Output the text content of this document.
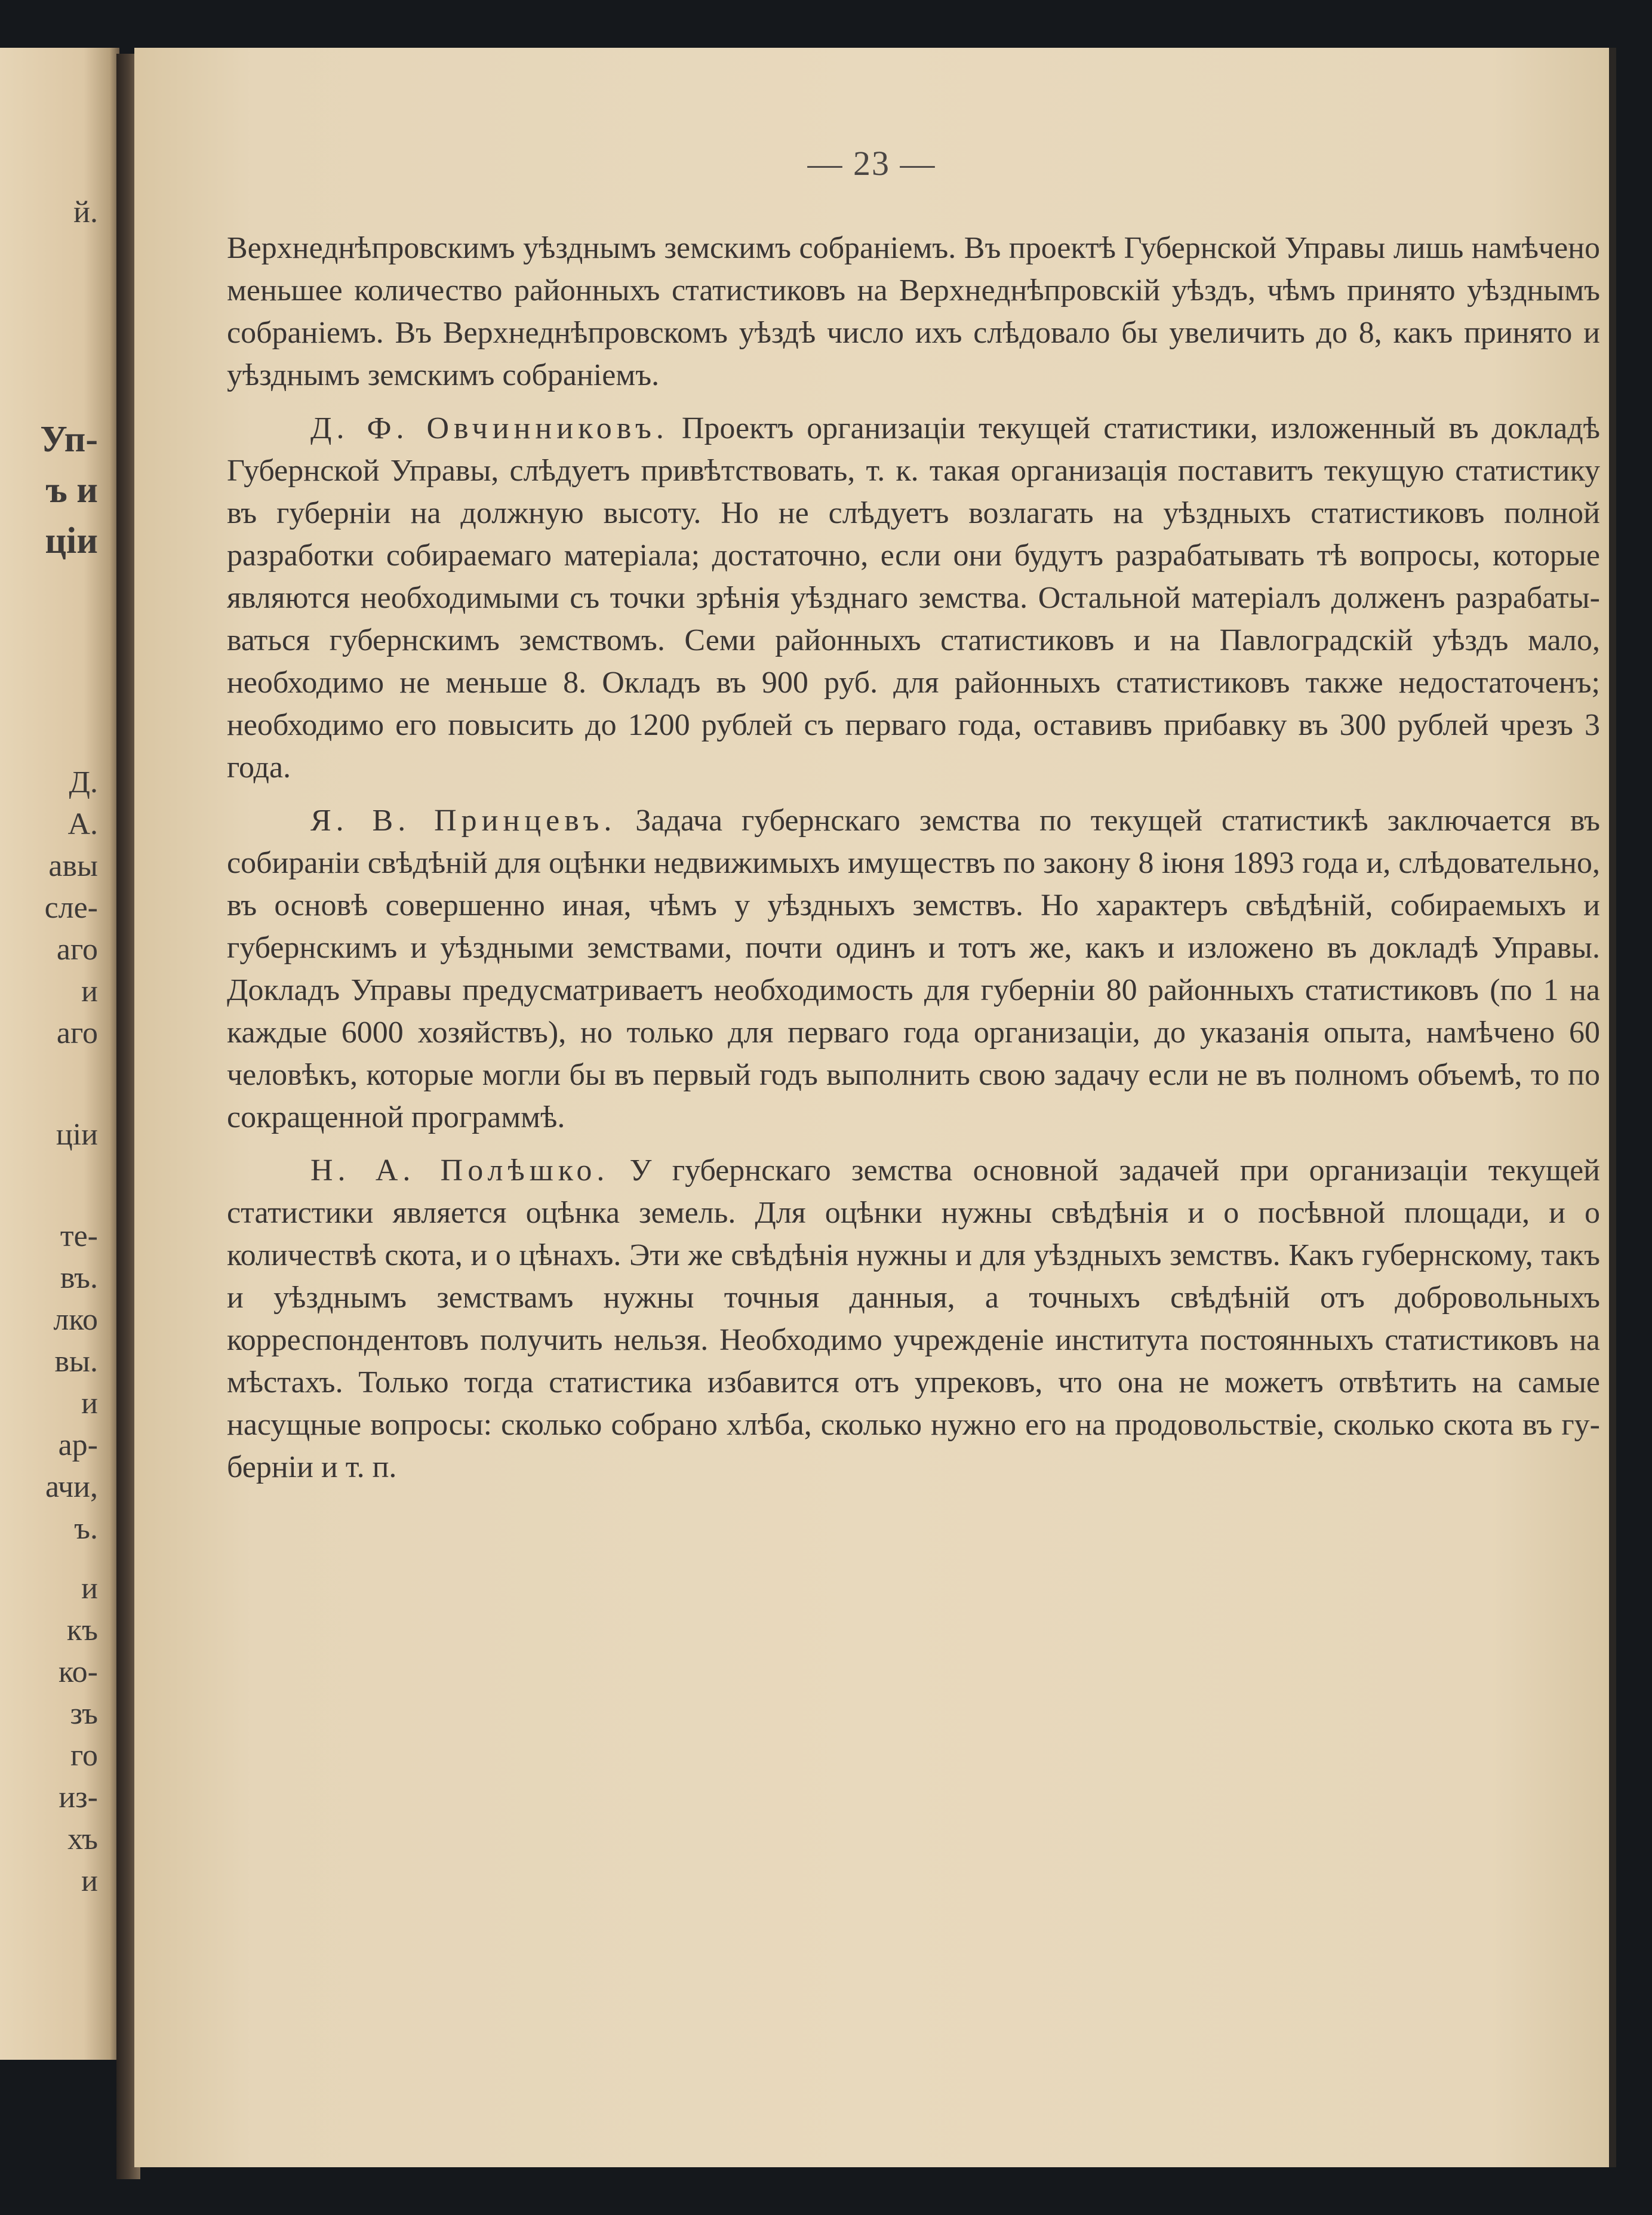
й.
Уп-
ъ и
ціи
Д.
А.
авы
сле-
аго
и
аго
ціи
те-
въ.
лко
вы.
и
ар-
ачи,
ъ.
и
къ
ко-
зъ
го
из-
хъ
и
— 23 —

Верхнеднѣпровскимъ уѣзднымъ земскимъ собраніемъ. Въ проектѣ Губернской Управы лишь намѣчено меньшее количество районныхъ статистиковъ на Верхнеднѣпровскій уѣздъ, чѣмъ принято уѣзднымъ собраніемъ. Въ Верхнеднѣпровскомъ уѣздѣ число ихъ слѣдовало бы увеличить до 8, какъ принято и уѣзднымъ земскимъ собраніемъ.

Д. Ф. Овчинниковъ. Проектъ организаціи текущей статистики, изложенный въ докладѣ Губернской Управы, слѣдуетъ привѣтствовать, т. к. такая организація поставитъ текущую статистику въ губерніи на должную высоту. Но не слѣдуетъ возлагать на уѣздныхъ статистиковъ полной разработки собираемаго матеріала; достаточно, если они будутъ разрабатывать тѣ вопросы, которые являются необходимыми съ точки зрѣнія уѣзднаго земства. Остальной матеріалъ долженъ разрабатываться губернскимъ земствомъ. Семи районныхъ статистиковъ и на Павлоградскій уѣздъ мало, необходимо не меньше 8. Окладъ въ 900 руб. для районныхъ статистиковъ также недостаточенъ; необходимо его повысить до 1200 рублей съ перваго года, оставивъ прибавку въ 300 рублей чрезъ 3 года.

Я. В. Принцевъ. Задача губернскаго земства по текущей статистикѣ заключается въ собираніи свѣдѣній для оцѣнки недвижимыхъ имуществъ по закону 8 іюня 1893 года и, слѣдовательно, въ основѣ совершенно иная, чѣмъ у уѣздныхъ земствъ. Но характеръ свѣдѣній, собираемыхъ и губернскимъ и уѣздными земствами, почти одинъ и тотъ же, какъ и изложено въ докладѣ Управы. Докладъ Управы предусматриваетъ необходимость для губерніи 80 районныхъ статистиковъ (по 1 на каждые 6000 хозяйствъ), но только для перваго года организаціи, до указанія опыта, намѣчено 60 человѣкъ, которые могли бы въ первый годъ выполнить свою задачу если не въ полномъ объемѣ, то по сокращенной программѣ.

Н. А. Полѣшко. У губернскаго земства основной задачей при организаціи текущей статистики является оцѣнка земель. Для оцѣнки нужны свѣдѣнія и о посѣвной площади, и о количествѣ скота, и о цѣнахъ. Эти же свѣдѣнія нужны и для уѣздныхъ земствъ. Какъ губернскому, такъ и уѣзднымъ земствамъ нужны точныя данныя, а точныхъ свѣдѣній отъ добровольныхъ корреспондентовъ получить нельзя. Необходимо учрежденіе института постоянныхъ статистиковъ на мѣстахъ. Только тогда статистика избавится отъ упрековъ, что она не можетъ отвѣтить на самые насущные вопросы: сколько собрано хлѣба, сколько нужно его на продовольствіе, сколько скота въ губерніи и т. п.
